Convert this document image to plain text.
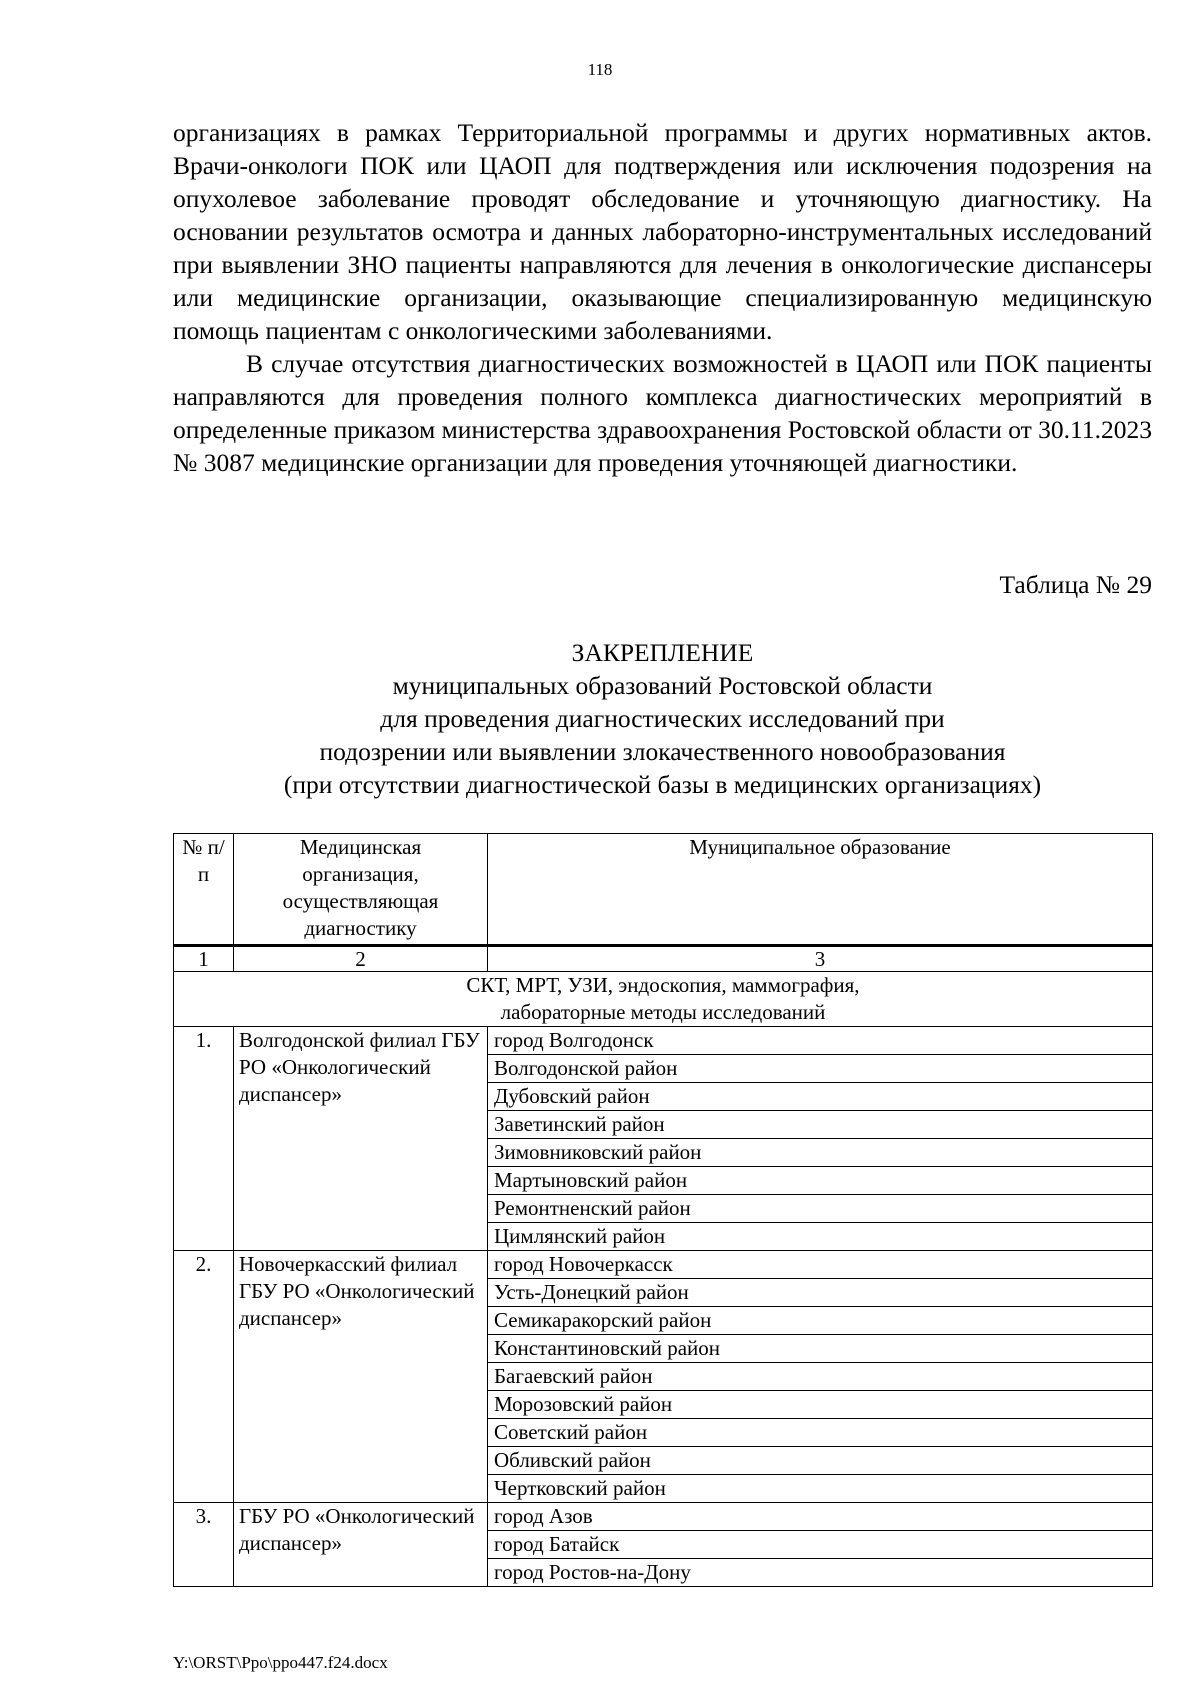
118

организациях в рамках Территориальной программы и других нормативных актов. Врачи-онкологи ПОК или ЦАОП для подтверждения или исключения подозрения на опухолевое заболевание проводят обследование и уточняющую диагностику. На основании результатов осмотра и данных лабораторно-инструментальных исследований при выявлении ЗНО пациенты направляются для лечения в онкологические диспансеры или медицинские организации, оказывающие специализированную медицинскую помощь пациентам с онкологическими заболеваниями.

В случае отсутствия диагностических возможностей в ЦАОП или ПОК пациенты направляются для проведения полного комплекса диагностических мероприятий в определенные приказом министерства здравоохранения Ростовской области от 30.11.2023 № 3087 медицинские организации для проведения уточняющей диагностики.

Таблица № 29
ЗАКРЕПЛЕНИЕ
муниципальных образований Ростовской области
для проведения диагностических исследований при
подозрении или выявлении злокачественного новообразования
(при отсутствии диагностической базы в медицинских организациях)
№ п/п	Медицинская организация, осуществляющая диагностику	Муниципальное образование
1	2	3

СКТ, МРТ, УЗИ, эндоскопия, маммография,
лабораторные методы исследований		

1.	Волгодонской филиал ГБУ РО «Онкологический диспансер»	город Волгодонск
		Волгодонской район
		Дубовский район
		Заветинский район
		Зимовниковский район
		Мартыновский район
		Ремонтненский район
		Цимлянский район
2.	Новочеркасский филиал ГБУ РО «Онкологический диспансер»	город Новочеркасск
		Усть-Донецкий район
		Семикаракорский район
		Константиновский район
		Багаевский район
		Морозовский район
		Советский район
		Обливский район
		Чертковский район
3.	ГБУ РО «Онкологический диспансер»	город Азов
		город Батайск
		город Ростов-на-Дону
Y:\ORST\Ppo\ppo447.f24.docx
